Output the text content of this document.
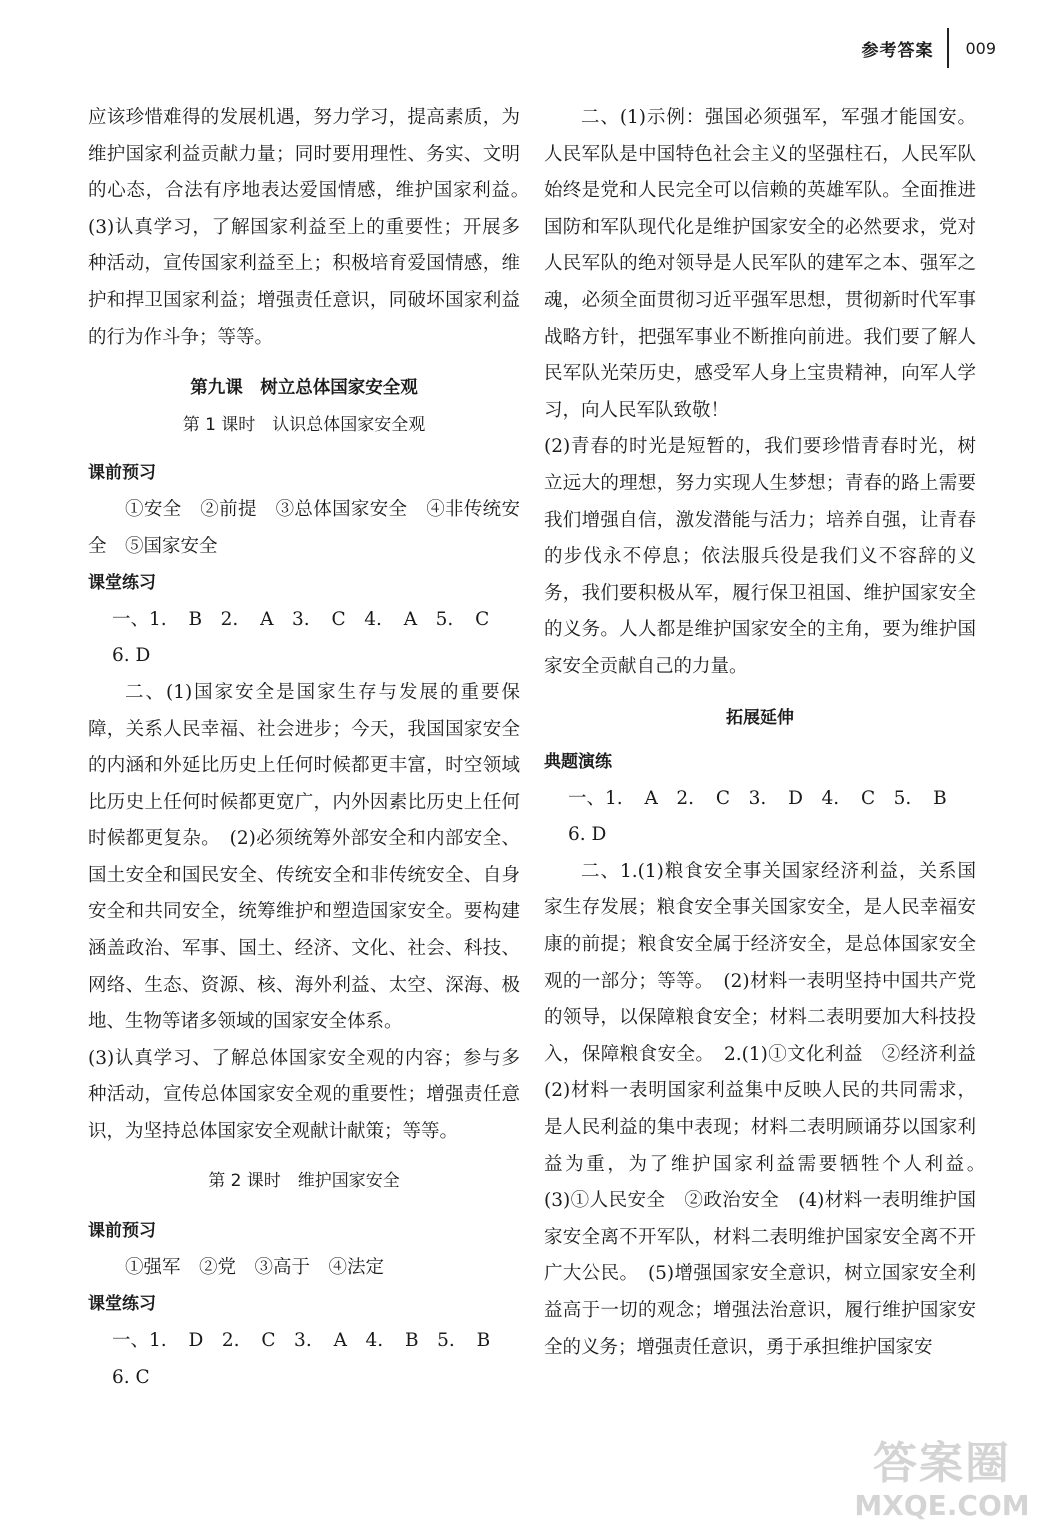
参考答案 009

应该珍惜难得的发展机遇，努力学习，提高素质，为维护国家利益贡献力量；同时要用理性、务实、文明的心态，合法有序地表达爱国情感，维护国家利益。　(3)认真学习，了解国家利益至上的重要性；开展多种活动，宣传国家利益至上；积极培育爱国情感，维护和捍卫国家利益；增强责任意识，同破坏国家利益的行为作斗争；等等。

第九课　树立总体国家安全观
第 1 课时　认识总体国家安全观
课前预习

①安全　②前提　③总体国家安全　④非传统安全　⑤国家安全

课堂练习

一、1. B　2. A　3. C　4. A　5. C

6. D

二、(1)国家安全是国家生存与发展的重要保障，关系人民幸福、社会进步；今天，我国国家安全的内涵和外延比历史上任何时候都更丰富，时空领域比历史上任何时候都更宽广，内外因素比历史上任何时候都更复杂。　(2)必须统筹外部安全和内部安全、国土安全和国民安全、传统安全和非传统安全、自身安全和共同安全，统筹维护和塑造国家安全。要构建涵盖政治、军事、国土、经济、文化、社会、科技、网络、生态、资源、核、海外利益、太空、深海、极地、生物等诸多领域的国家安全体系。

(3)认真学习、了解总体国家安全观的内容；参与多种活动，宣传总体国家安全观的重要性；增强责任意识，为坚持总体国家安全观献计献策；等等。

第 2 课时　维护国家安全
课前预习

①强军　②党　③高于　④法定

课堂练习

一、1. D　2. C　3. A　4. B　5. B

6. C

二、(1)示例：强国必须强军，军强才能国安。人民军队是中国特色社会主义的坚强柱石，人民军队始终是党和人民完全可以信赖的英雄军队。全面推进国防和军队现代化是维护国家安全的必然要求，党对人民军队的绝对领导是人民军队的建军之本、强军之魂，必须全面贯彻习近平强军思想，贯彻新时代军事战略方针，把强军事业不断推向前进。我们要了解人民军队光荣历史，感受军人身上宝贵精神，向军人学习，向人民军队致敬！

(2)青春的时光是短暂的，我们要珍惜青春时光，树立远大的理想，努力实现人生梦想；青春的路上需要我们增强自信，激发潜能与活力；培养自强，让青春的步伐永不停息；依法服兵役是我们义不容辞的义务，我们要积极从军，履行保卫祖国、维护国家安全的义务。人人都是维护国家安全的主角，要为维护国家安全贡献自己的力量。

拓展延伸
典题演练

一、1. A　2. C　3. D　4. C　5. B

6. D

二、1.(1)粮食安全事关国家经济利益，关系国家生存发展；粮食安全事关国家安全，是人民幸福安康的前提；粮食安全属于经济安全，是总体国家安全观的一部分；等等。　(2)材料一表明坚持中国共产党的领导，以保障粮食安全；材料二表明要加大科技投入，保障粮食安全。　2.(1)①文化利益　②经济利益　(2)材料一表明国家利益集中反映人民的共同需求，是人民利益的集中表现；材料二表明顾诵芬以国家利益为重，为了维护国家利益需要牺牲个人利益。　(3)①人民安全　②政治安全　(4)材料一表明维护国家安全离不开军队，材料二表明维护国家安全离不开广大公民。　(5)增强国家安全意识，树立国家安全利益高于一切的观念；增强法治意识，履行维护国家安全的义务；增强责任意识，勇于承担维护国家安

答案圈
MXQE.COM
